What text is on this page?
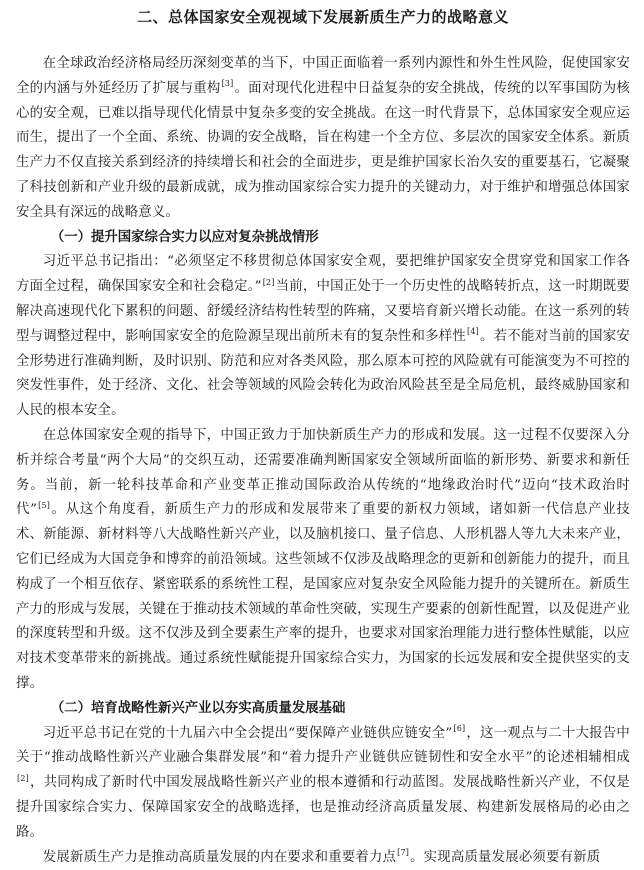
二、总体国家安全观视域下发展新质生产力的战略意义

在全球政治经济格局经历深刻变革的当下，中国正面临着一系列内源性和外生性风险，促使国家安全的内涵与外延经历了扩展与重构[3]。面对现代化进程中日益复杂的安全挑战，传统的以军事国防为核心的安全观，已难以指导现代化情景中复杂多变的安全挑战。在这一时代背景下，总体国家安全观应运而生，提出了一个全面、系统、协调的安全战略，旨在构建一个全方位、多层次的国家安全体系。新质生产力不仅直接关系到经济的持续增长和社会的全面进步，更是维护国家长治久安的重要基石，它凝聚了科技创新和产业升级的最新成就，成为推动国家综合实力提升的关键动力，对于维护和增强总体国家安全具有深远的战略意义。

（一）提升国家综合实力以应对复杂挑战情形

习近平总书记指出：“必须坚定不移贯彻总体国家安全观，要把维护国家安全贯穿党和国家工作各方面全过程，确保国家安全和社会稳定。”[2]当前，中国正处于一个历史性的战略转折点，这一时期既要解决高速现代化下累积的问题、舒缓经济结构性转型的阵痛，又要培育新兴增长动能。在这一系列的转型与调整过程中，影响国家安全的危险源呈现出前所未有的复杂性和多样性[4]。若不能对当前的国家安全形势进行准确判断，及时识别、防范和应对各类风险，那么原本可控的风险就有可能演变为不可控的突发性事件，处于经济、文化、社会等领域的风险会转化为政治风险甚至是全局危机，最终威胁国家和人民的根本安全。

在总体国家安全观的指导下，中国正致力于加快新质生产力的形成和发展。这一过程不仅要深入分析并综合考量“两个大局”的交织互动，还需要准确判断国家安全领域所面临的新形势、新要求和新任务。当前，新一轮科技革命和产业变革正推动国际政治从传统的“地缘政治时代”迈向“技术政治时代”[5]。从这个角度看，新质生产力的形成和发展带来了重要的新权力领域，诸如新一代信息产业技术、新能源、新材料等八大战略性新兴产业，以及脑机接口、量子信息、人形机器人等九大未来产业，它们已经成为大国竞争和博弈的前沿领域。这些领域不仅涉及战略理念的更新和创新能力的提升，而且构成了一个相互依存、紧密联系的系统性工程，是国家应对复杂安全风险能力提升的关键所在。新质生产力的形成与发展，关键在于推动技术领域的革命性突破，实现生产要素的创新性配置，以及促进产业的深度转型和升级。这不仅涉及到全要素生产率的提升，也要求对国家治理能力进行整体性赋能，以应对技术变革带来的新挑战。通过系统性赋能提升国家综合实力，为国家的长远发展和安全提供坚实的支撑。

（二）培育战略性新兴产业以夯实高质量发展基础

习近平总书记在党的十九届六中全会提出“要保障产业链供应链安全”[6]，这一观点与二十大报告中关于“推动战略性新兴产业融合集群发展”和“着力提升产业链供应链韧性和安全水平”的论述相辅相成[2]，共同构成了新时代中国发展战略性新兴产业的根本遵循和行动蓝图。发展战略性新兴产业，不仅是提升国家综合实力、保障国家安全的战略选择，也是推动经济高质量发展、构建新发展格局的必由之路。

发展新质生产力是推动高质量发展的内在要求和重要着力点[7]。实现高质量发展必须要有新质
